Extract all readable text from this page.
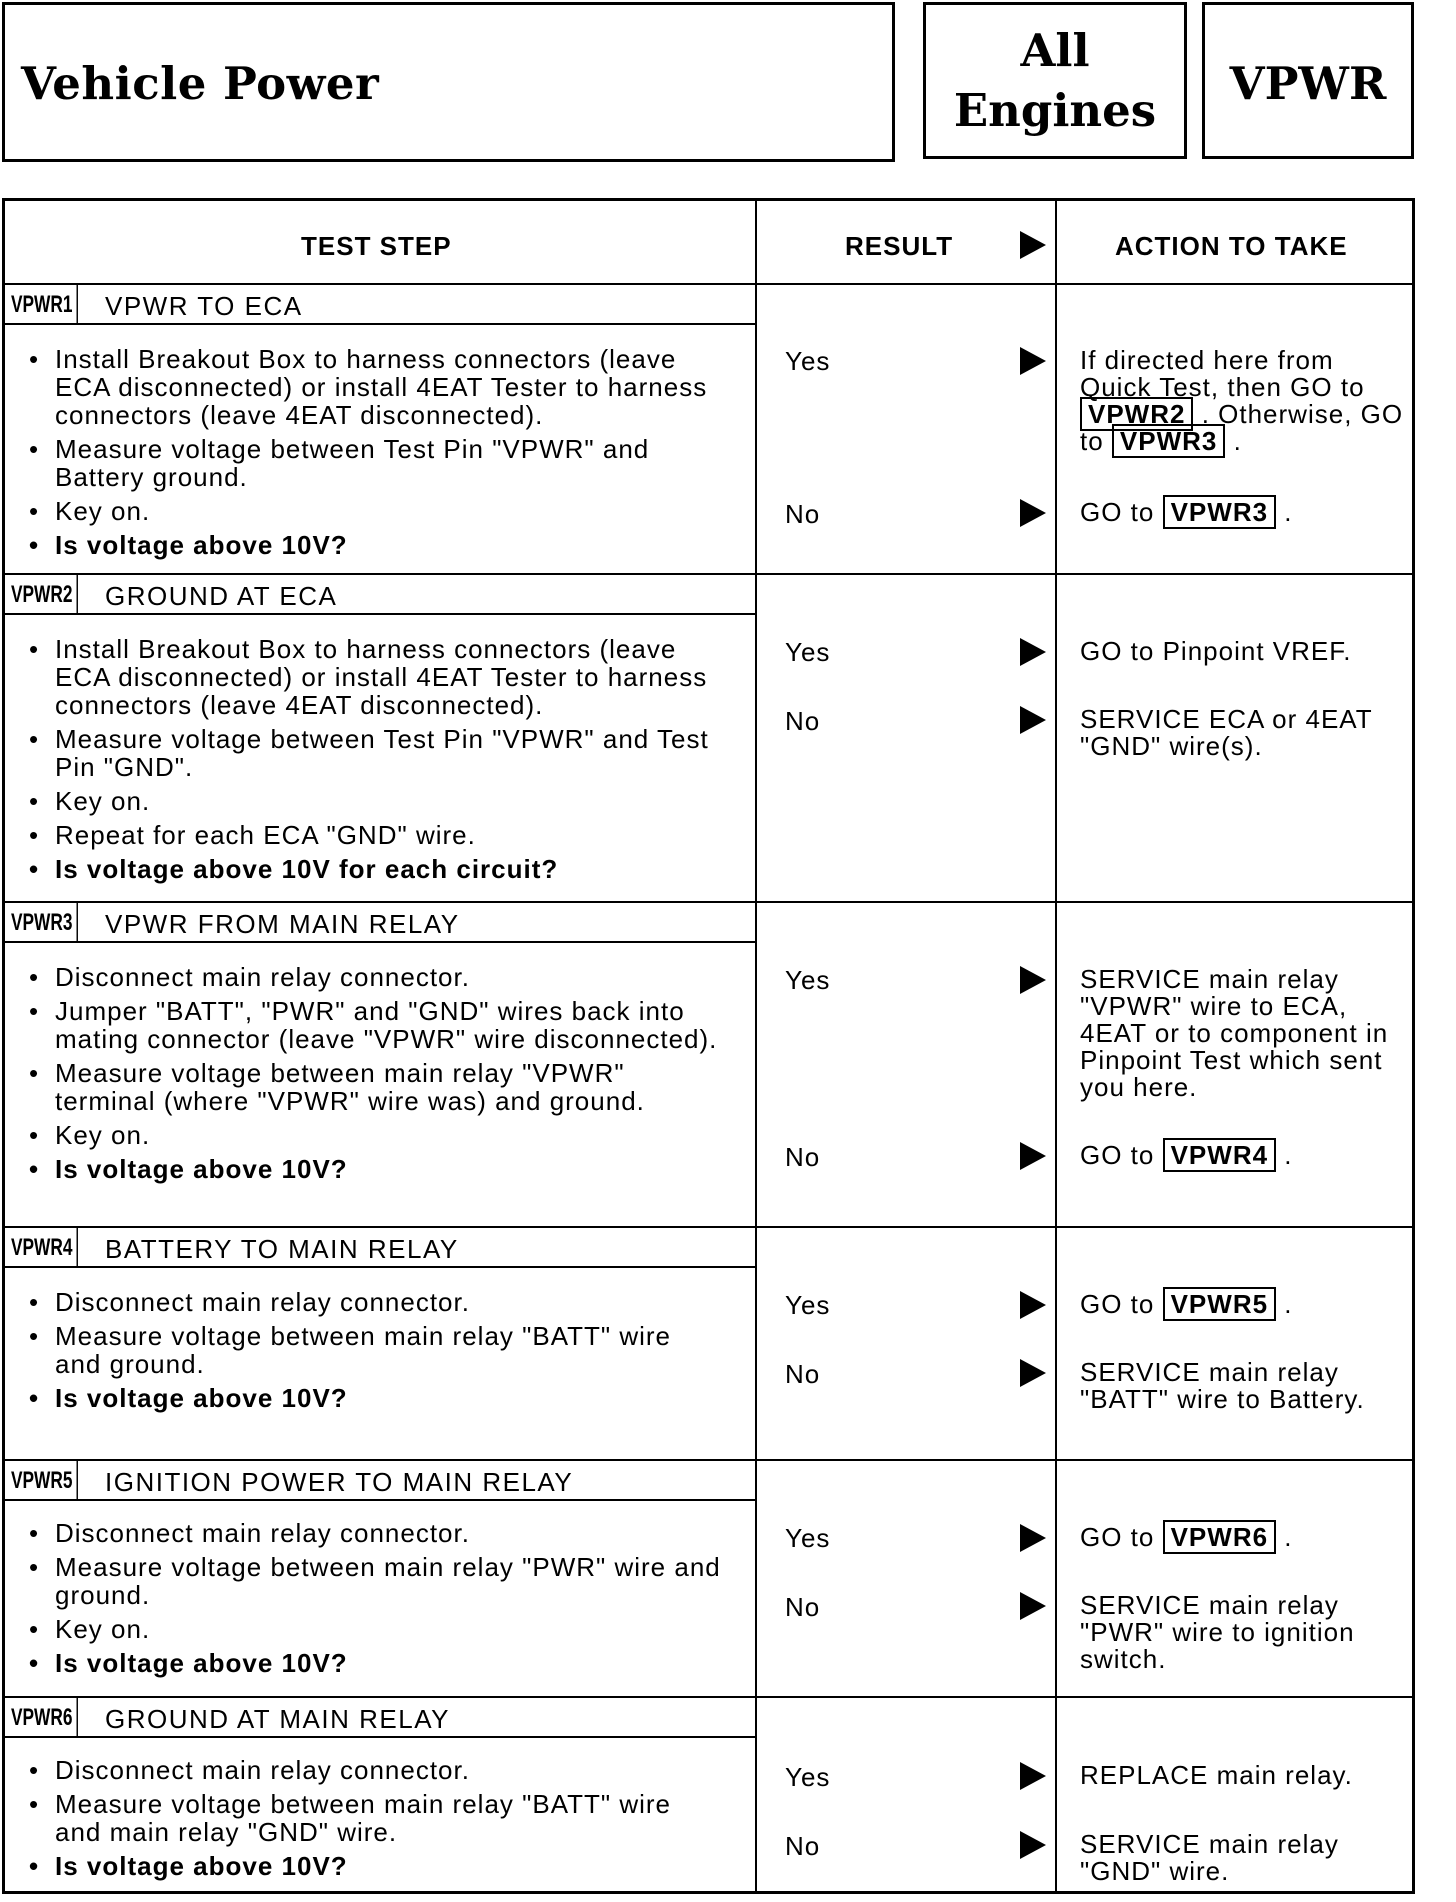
Vehicle Power
All
Engines
VPWR
TEST STEP	RESULT	ACTION TO TAKE
VPWR1 VPWR TO ECA
• Install Breakout Box to harness connectors (leave ECA disconnected) or install 4EAT Tester to harness connectors (leave 4EAT disconnected).
• Measure voltage between Test Pin "VPWR" and Battery ground.
• Key on.
• Is voltage above 10V?
Yes	If directed here from Quick Test, then GO to VPWR2 . Otherwise, GO to VPWR3 .
No	GO to VPWR3 .
VPWR2 GROUND AT ECA
• Install Breakout Box to harness connectors (leave ECA disconnected) or install 4EAT Tester to harness connectors (leave 4EAT disconnected).
• Measure voltage between Test Pin "VPWR" and Test Pin "GND".
• Key on.
• Repeat for each ECA "GND" wire.
• Is voltage above 10V for each circuit?
Yes	GO to Pinpoint VREF.
No	SERVICE ECA or 4EAT "GND" wire(s).
VPWR3 VPWR FROM MAIN RELAY
• Disconnect main relay connector.
• Jumper "BATT", "PWR" and "GND" wires back into mating connector (leave "VPWR" wire disconnected).
• Measure voltage between main relay "VPWR" terminal (where "VPWR" wire was) and ground.
• Key on.
• Is voltage above 10V?
Yes	SERVICE main relay "VPWR" wire to ECA, 4EAT or to component in Pinpoint Test which sent you here.
No	GO to VPWR4 .
VPWR4 BATTERY TO MAIN RELAY
• Disconnect main relay connector.
• Measure voltage between main relay "BATT" wire and ground.
• Is voltage above 10V?
Yes	GO to VPWR5 .
No	SERVICE main relay "BATT" wire to Battery.
VPWR5 IGNITION POWER TO MAIN RELAY
• Disconnect main relay connector.
• Measure voltage between main relay "PWR" wire and ground.
• Key on.
• Is voltage above 10V?
Yes	GO to VPWR6 .
No	SERVICE main relay "PWR" wire to ignition switch.
VPWR6 GROUND AT MAIN RELAY
• Disconnect main relay connector.
• Measure voltage between main relay "BATT" wire and main relay "GND" wire.
• Is voltage above 10V?
Yes	REPLACE main relay.
No	SERVICE main relay "GND" wire.
